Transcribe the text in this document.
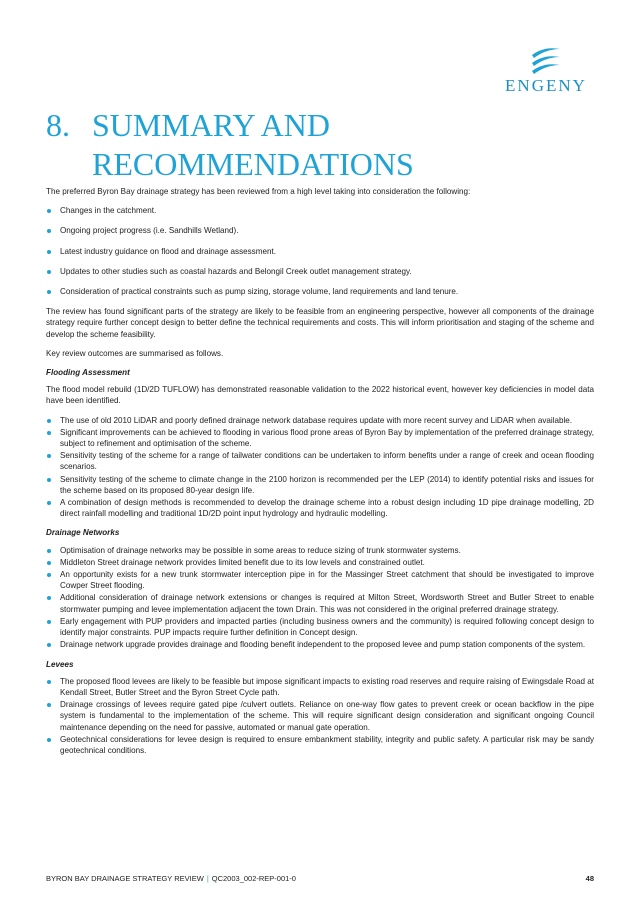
ENGENY
8. SUMMARY AND
RECOMMENDATIONS

The preferred Byron Bay drainage strategy has been reviewed from a high level taking into consideration the following:

Changes in the catchment.
Ongoing project progress (i.e. Sandhills Wetland).
Latest industry guidance on flood and drainage assessment.
Updates to other studies such as coastal hazards and Belongil Creek outlet management strategy.
Consideration of practical constraints such as pump sizing, storage volume, land requirements and land tenure.

The review has found significant parts of the strategy are likely to be feasible from an engineering perspective, however all components of the drainage strategy require further concept design to better define the technical requirements and costs. This will inform prioritisation and staging of the scheme and develop the scheme feasibility.

Key review outcomes are summarised as follows.

Flooding Assessment

The flood model rebuild (1D/2D TUFLOW) has demonstrated reasonable validation to the 2022 historical event, however key deficiencies in model data have been identified.

The use of old 2010 LiDAR and poorly defined drainage network database requires update with more recent survey and LiDAR when available.
Significant improvements can be achieved to flooding in various flood prone areas of Byron Bay by implementation of the preferred drainage strategy, subject to refinement and optimisation of the scheme.
Sensitivity testing of the scheme for a range of tailwater conditions can be undertaken to inform benefits under a range of creek and ocean flooding scenarios.
Sensitivity testing of the scheme to climate change in the 2100 horizon is recommended per the LEP (2014) to identify potential risks and issues for the scheme based on its proposed 80-year design life.
A combination of design methods is recommended to develop the drainage scheme into a robust design including 1D pipe drainage modelling, 2D direct rainfall modelling and traditional 1D/2D point input hydrology and hydraulic modelling.
Drainage Networks
Optimisation of drainage networks may be possible in some areas to reduce sizing of trunk stormwater systems.
Middleton Street drainage network provides limited benefit due to its low levels and constrained outlet.
An opportunity exists for a new trunk stormwater interception pipe in for the Massinger Street catchment that should be investigated to improve Cowper Street flooding.
Additional consideration of drainage network extensions or changes is required at Milton Street, Wordsworth Street and Butler Street to enable stormwater pumping and levee implementation adjacent the town Drain. This was not considered in the original preferred drainage strategy.
Early engagement with PUP providers and impacted parties (including business owners and the community) is required following concept design to identify major constraints. PUP impacts require further definition in Concept design.
Drainage network upgrade provides drainage and flooding benefit independent to the proposed levee and pump station components of the system.
Levees
The proposed flood levees are likely to be feasible but impose significant impacts to existing road reserves and require raising of Ewingsdale Road at Kendall Street, Butler Street and the Byron Street Cycle path.
Drainage crossings of levees require gated pipe /culvert outlets. Reliance on one-way flow gates to prevent creek or ocean backflow in the pipe system is fundamental to the implementation of the scheme. This will require significant design consideration and significant ongoing Council maintenance depending on the need for passive, automated or manual gate operation.
Geotechnical considerations for levee design is required to ensure embankment stability, integrity and public safety. A particular risk may be sandy geotechnical conditions.
BYRON BAY DRAINAGE STRATEGY REVIEW | QC2003_002-REP-001-0	48
